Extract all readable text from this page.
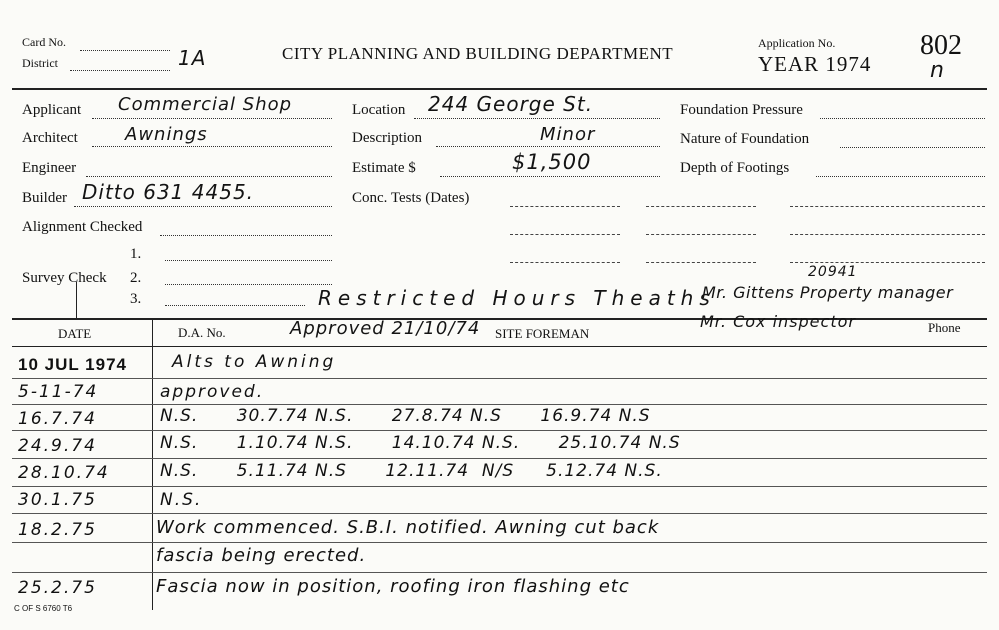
Card No.
District	1A	CITY PLANNING AND BUILDING DEPARTMENT
Application No.
YEAR 1974
802
n
Applicant Commercial Shop
Architect	Awnings
Engineer
Builder Ditto 631 4455.
Alignment Checked
1.
Survey Check 2.
3.
Location 244 George St.
Description	Minor
Estimate $	$1,500
Conc. Tests (Dates)
Foundation Pressure
Nature of Foundation
Depth of Footings
Restricted Hours Theaths
20941
Mr. Gittens Property manager
DATE	D.A. No.	Approved 21/10/74 SITE FOREMAN
Mr. Cox inspector	Phone
10 JUL 1974	Alts to Awning
5-11-74	approved.
16.7.74	N.S.      30.7.74 N.S.      27.8.74 N.S      16.9.74 N.S
24.9.74	N.S.      1.10.74 N.S.      14.10.74 N.S.      25.10.74 N.S
28.10.74	N.S.      5.11.74 N.S      12.11.74  N/S     5.12.74 N.S.
30.1.75	N.S.
18.2.75	Work commenced. S.B.I. notified. Awning cut back
fascia being erected.
25.2.75	Fascia now in position, roofing iron flashing etc
C OF S 6760 T6
